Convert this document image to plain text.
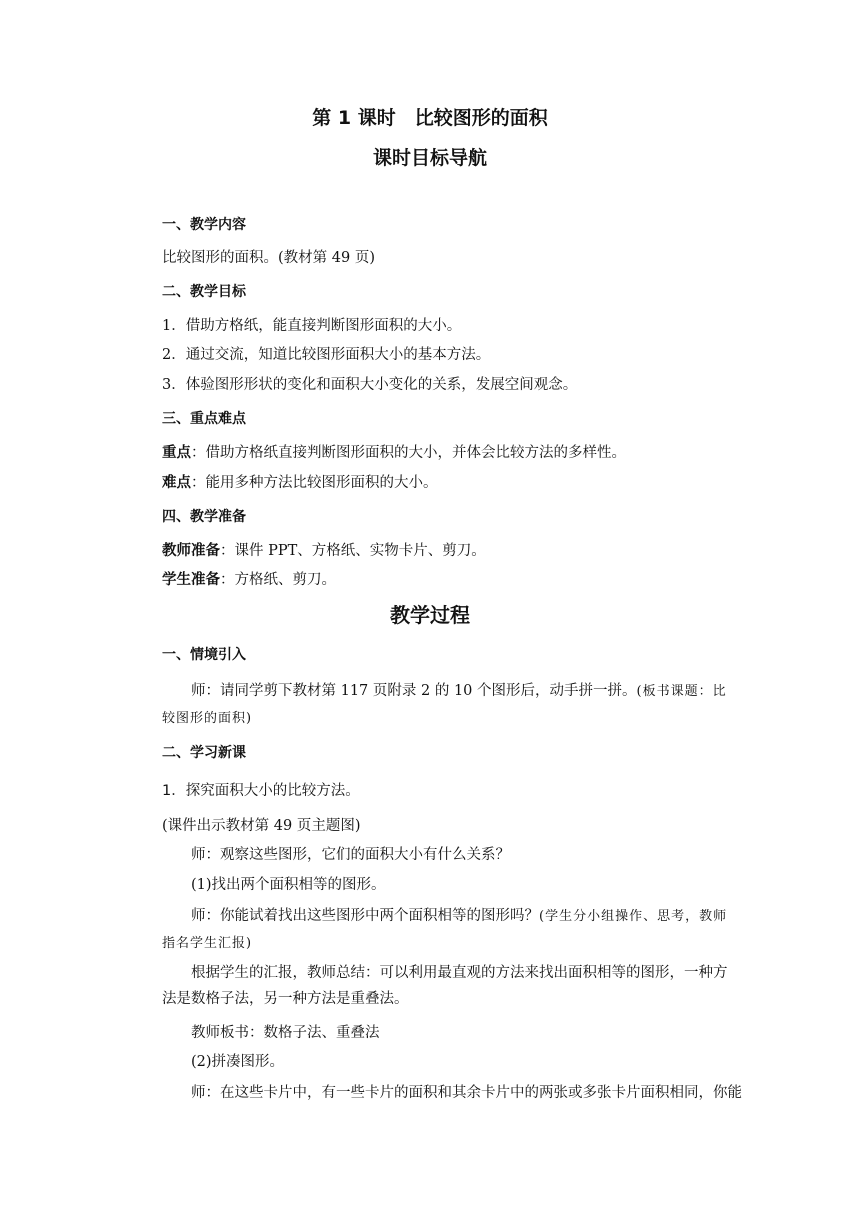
第 1 课时　比较图形的面积
课时目标导航
一、教学内容
比较图形的面积。(教材第 49 页)
二、教学目标
1．借助方格纸，能直接判断图形面积的大小。
2．通过交流，知道比较图形面积大小的基本方法。
3．体验图形形状的变化和面积大小变化的关系，发展空间观念。
三、重点难点
重点：借助方格纸直接判断图形面积的大小，并体会比较方法的多样性。
难点：能用多种方法比较图形面积的大小。
四、教学准备
教师准备：课件 PPT、方格纸、实物卡片、剪刀。
学生准备：方格纸、剪刀。
教学过程
一、情境引入
师：请同学剪下教材第 117 页附录 2 的 10 个图形后，动手拼一拼。(板书课题：比较图形的面积)
二、学习新课
1．探究面积大小的比较方法。
(课件出示教材第 49 页主题图)
师：观察这些图形，它们的面积大小有什么关系？
(1)找出两个面积相等的图形。
师：你能试着找出这些图形中两个面积相等的图形吗？(学生分小组操作、思考，教师指名学生汇报)
根据学生的汇报，教师总结：可以利用最直观的方法来找出面积相等的图形，一种方法是数格子法，另一种方法是重叠法。
教师板书：数格子法、重叠法
(2)拼凑图形。
师：在这些卡片中，有一些卡片的面积和其余卡片中的两张或多张卡片面积相同，你能
